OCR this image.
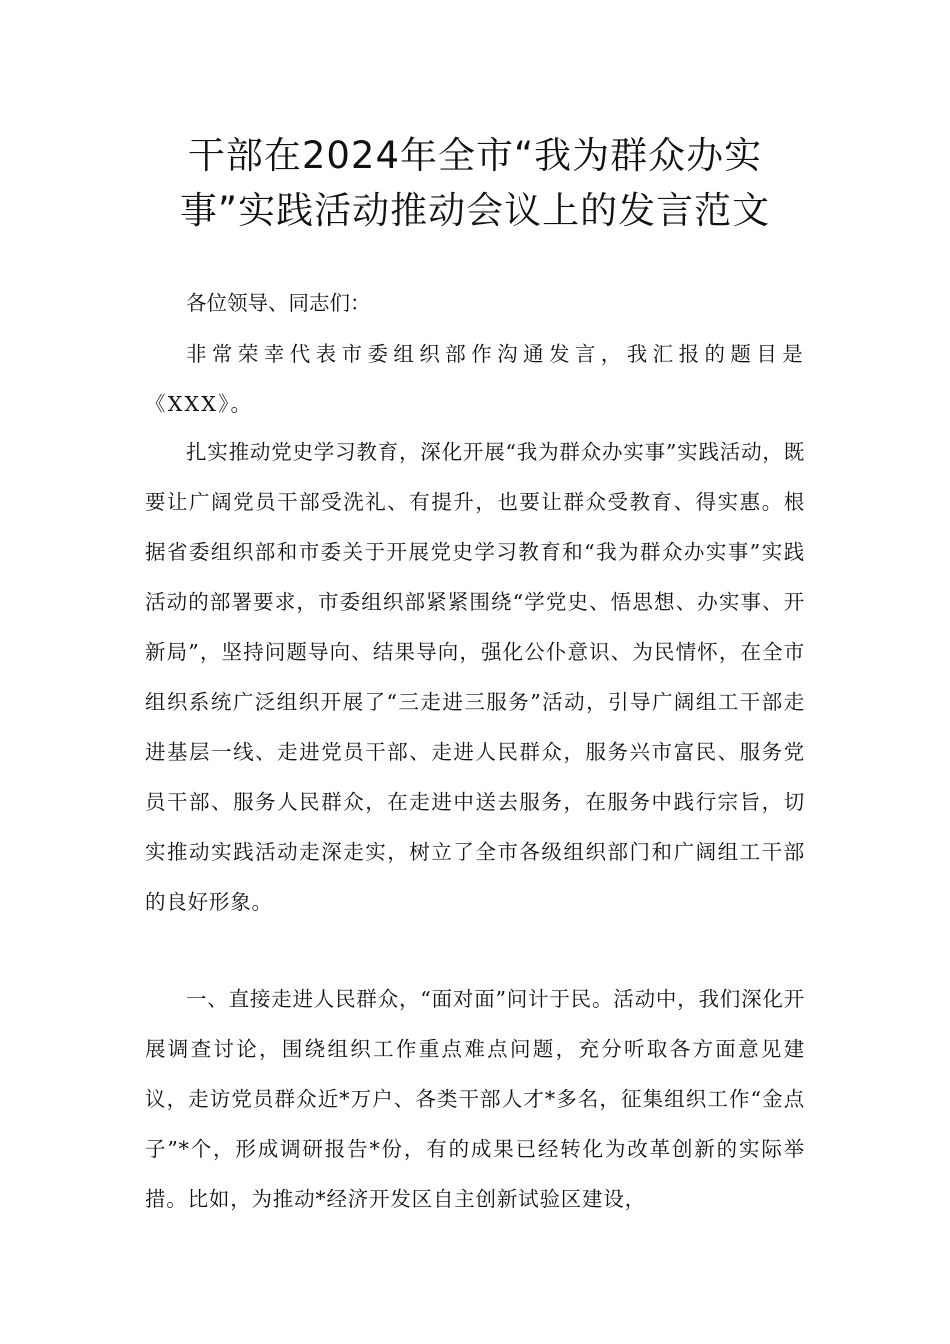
干部在2024年全市“我为群众办实
事”实践活动推动会议上的发言范文

各位领导、同志们：

非常荣幸代表市委组织部作沟通发言，我汇报的题目是《XXX》。

扎实推动党史学习教育，深化开展“我为群众办实事”实践活动，既要让广阔党员干部受洗礼、有提升，也要让群众受教育、得实惠。根据省委组织部和市委关于开展党史学习教育和“我为群众办实事”实践活动的部署要求，市委组织部紧紧围绕“学党史、悟思想、办实事、开新局”，坚持问题导向、结果导向，强化公仆意识、为民情怀，在全市组织系统广泛组织开展了“三走进三服务”活动，引导广阔组工干部走进基层一线、走进党员干部、走进人民群众，服务兴市富民、服务党员干部、服务人民群众，在走进中送去服务，在服务中践行宗旨，切实推动实践活动走深走实，树立了全市各级组织部门和广阔组工干部的良好形象。

一、直接走进人民群众，“面对面”问计于民。活动中，我们深化开展调查讨论，围绕组织工作重点难点问题，充分听取各方面意见建议，走访党员群众近*万户、各类干部人才*多名，征集组织工作“金点子”*个，形成调研报告*份，有的成果已经转化为改革创新的实际举措。比如，为推动*经济开发区自主创新试验区建设，
